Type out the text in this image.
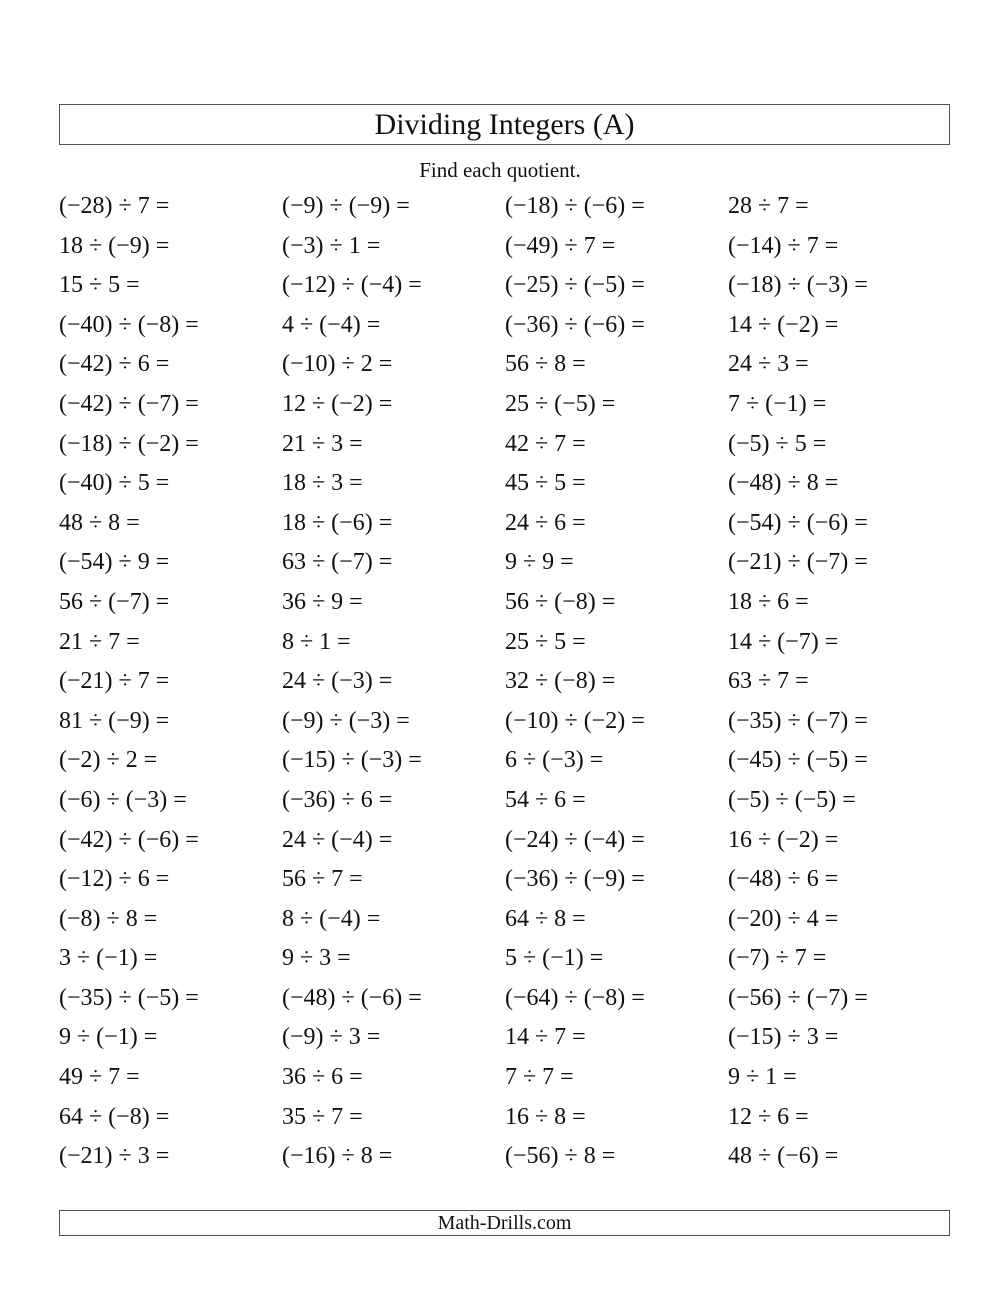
Dividing Integers (A)
Find each quotient.
(−28) ÷ 7 =	(−9) ÷ (−9) =	(−18) ÷ (−6) =	28 ÷ 7 =
18 ÷ (−9) =	(−3) ÷ 1 =	(−49) ÷ 7 =	(−14) ÷ 7 =
15 ÷ 5 =	(−12) ÷ (−4) =	(−25) ÷ (−5) =	(−18) ÷ (−3) =
(−40) ÷ (−8) =	4 ÷ (−4) =	(−36) ÷ (−6) =	14 ÷ (−2) =
(−42) ÷ 6 =	(−10) ÷ 2 =	56 ÷ 8 =	24 ÷ 3 =
(−42) ÷ (−7) =	12 ÷ (−2) =	25 ÷ (−5) =	7 ÷ (−1) =
(−18) ÷ (−2) =	21 ÷ 3 =	42 ÷ 7 =	(−5) ÷ 5 =
(−40) ÷ 5 =	18 ÷ 3 =	45 ÷ 5 =	(−48) ÷ 8 =
48 ÷ 8 =	18 ÷ (−6) =	24 ÷ 6 =	(−54) ÷ (−6) =
(−54) ÷ 9 =	63 ÷ (−7) =	9 ÷ 9 =	(−21) ÷ (−7) =
56 ÷ (−7) =	36 ÷ 9 =	56 ÷ (−8) =	18 ÷ 6 =
21 ÷ 7 =	8 ÷ 1 =	25 ÷ 5 =	14 ÷ (−7) =
(−21) ÷ 7 =	24 ÷ (−3) =	32 ÷ (−8) =	63 ÷ 7 =
81 ÷ (−9) =	(−9) ÷ (−3) =	(−10) ÷ (−2) =	(−35) ÷ (−7) =
(−2) ÷ 2 =	(−15) ÷ (−3) =	6 ÷ (−3) =	(−45) ÷ (−5) =
(−6) ÷ (−3) =	(−36) ÷ 6 =	54 ÷ 6 =	(−5) ÷ (−5) =
(−42) ÷ (−6) =	24 ÷ (−4) =	(−24) ÷ (−4) =	16 ÷ (−2) =
(−12) ÷ 6 =	56 ÷ 7 =	(−36) ÷ (−9) =	(−48) ÷ 6 =
(−8) ÷ 8 =	8 ÷ (−4) =	64 ÷ 8 =	(−20) ÷ 4 =
3 ÷ (−1) =	9 ÷ 3 =	5 ÷ (−1) =	(−7) ÷ 7 =
(−35) ÷ (−5) =	(−48) ÷ (−6) =	(−64) ÷ (−8) =	(−56) ÷ (−7) =
9 ÷ (−1) =	(−9) ÷ 3 =	14 ÷ 7 =	(−15) ÷ 3 =
49 ÷ 7 =	36 ÷ 6 =	7 ÷ 7 =	9 ÷ 1 =
64 ÷ (−8) =	35 ÷ 7 =	16 ÷ 8 =	12 ÷ 6 =
(−21) ÷ 3 =	(−16) ÷ 8 =	(−56) ÷ 8 =	48 ÷ (−6) =
Math-Drills.com
